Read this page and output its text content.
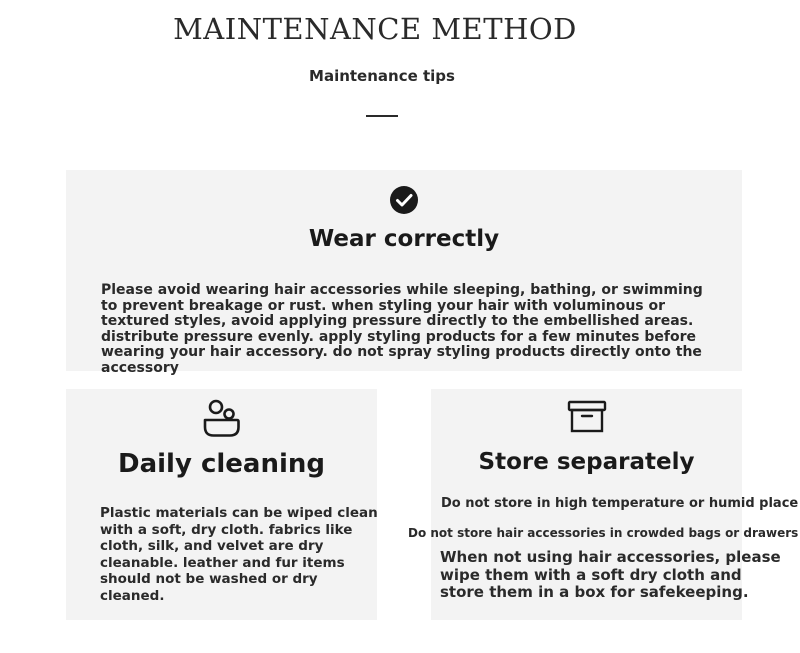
MAINTENANCE METHOD
Maintenance tips
Wear correctly
Please avoid wearing hair accessories while sleeping, bathing, or swimming to prevent breakage or rust. when styling your hair with voluminous or textured styles, avoid applying pressure directly to the embellished areas. distribute pressure evenly. apply styling products for a few minutes before wearing your hair accessory. do not spray styling products directly onto the accessory
Daily cleaning
Plastic materials can be wiped clean with a soft, dry cloth. fabrics like cloth, silk, and velvet are dry cleanable. leather and fur items should not be washed or dry cleaned.
Store separately
Do not store in high temperature or humid place
Do not store hair accessories in crowded bags or drawers
When not using hair accessories, please wipe them with a soft dry cloth and store them in a box for safekeeping.
